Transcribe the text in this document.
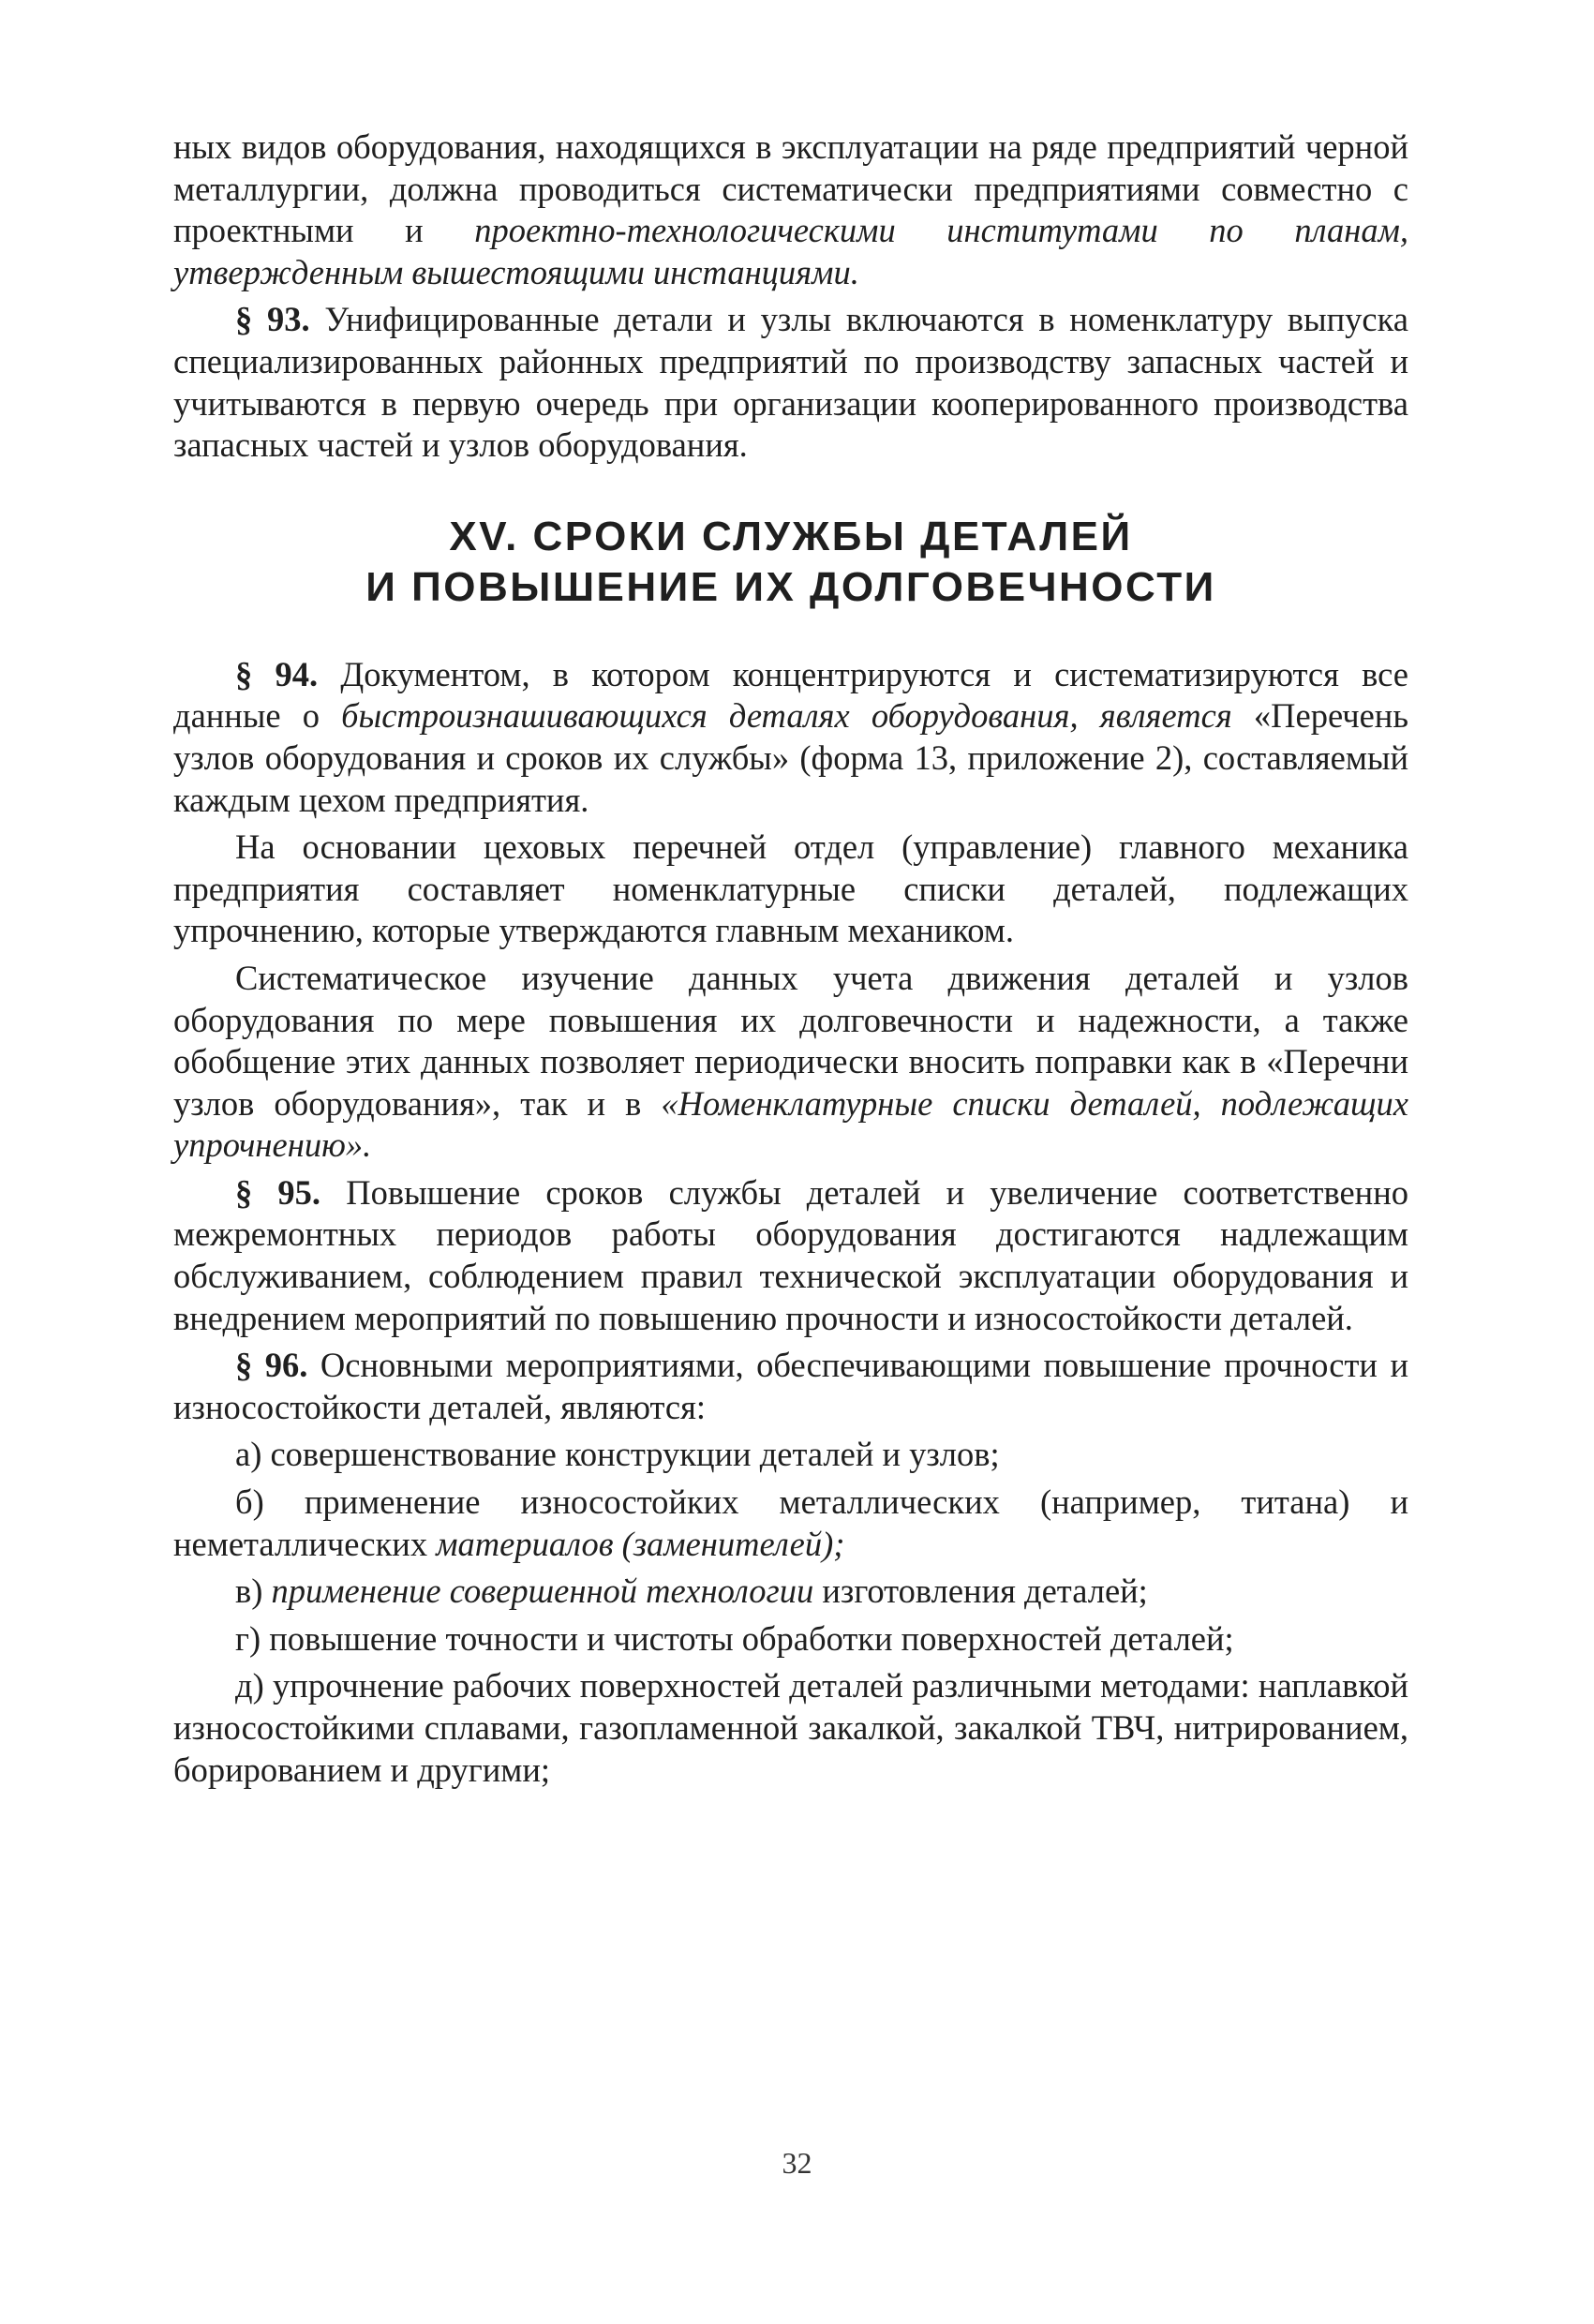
ных видов оборудования, находящихся в эксплуатации на ряде предприятий черной металлургии, должна проводиться систематически предприятиями совместно с проектными и проектно-технологическими институтами по планам, утвержденным вышестоящими инстанциями.

§ 93. Унифицированные детали и узлы включаются в номенклатуру выпуска специализированных районных предприятий по производству запасных частей и учитываются в первую очередь при организации кооперированного производства запасных частей и узлов оборудования.

XV. СРОКИ СЛУЖБЫ ДЕТАЛЕЙ
И ПОВЫШЕНИЕ ИХ ДОЛГОВЕЧНОСТИ

§ 94. Документом, в котором концентрируются и систематизируются все данные о быстроизнашивающихся деталях оборудования, является «Перечень узлов оборудования и сроков их службы» (форма 13, приложение 2), составляемый каждым цехом предприятия.

На основании цеховых перечней отдел (управление) главного механика предприятия составляет номенклатурные списки деталей, подлежащих упрочнению, которые утверждаются главным механиком.

Систематическое изучение данных учета движения деталей и узлов оборудования по мере повышения их долговечности и надежности, а также обобщение этих данных позволяет периодически вносить поправки как в «Перечни узлов оборудования», так и в «Номенклатурные списки деталей, подлежащих упрочнению».

§ 95. Повышение сроков службы деталей и увеличение соответственно межремонтных периодов работы оборудования достигаются надлежащим обслуживанием, соблюдением правил технической эксплуатации оборудования и внедрением мероприятий по повышению прочности и износостойкости деталей.

§ 96. Основными мероприятиями, обеспечивающими повышение прочности и износостойкости деталей, являются:

а) совершенствование конструкции деталей и узлов;

б) применение износостойких металлических (например, титана) и неметаллических материалов (заменителей);

в) применение совершенной технологии изготовления деталей;

г) повышение точности и чистоты обработки поверхностей деталей;

д) упрочнение рабочих поверхностей деталей различными методами: наплавкой износостойкими сплавами, газопламенной закалкой, закалкой ТВЧ, нитрированием, борированием и другими;

32
